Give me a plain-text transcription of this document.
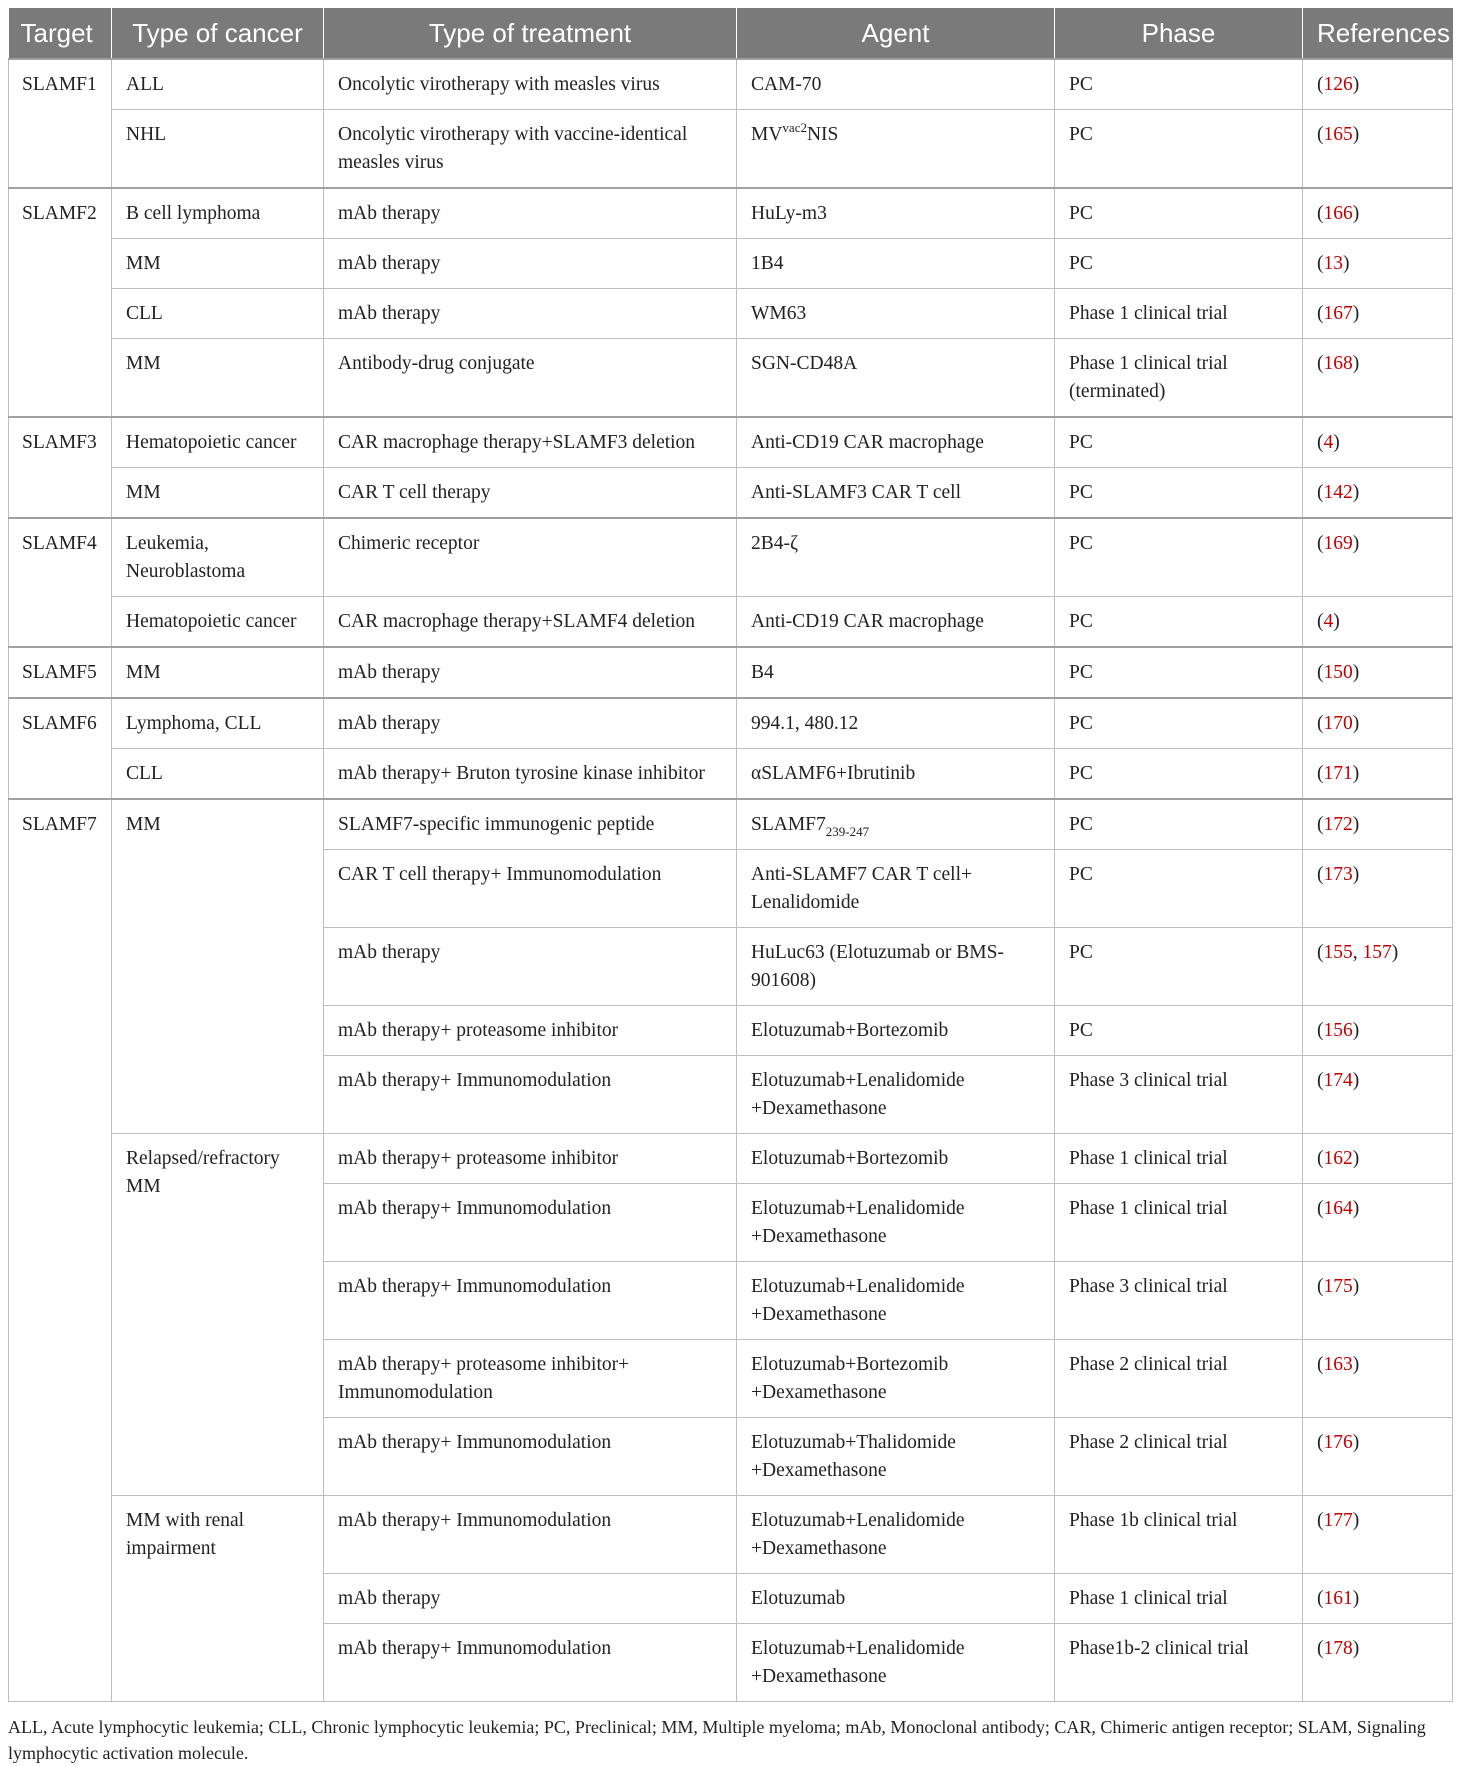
Target	Type of cancer	Type of treatment	Agent	Phase	References
SLAMF1	ALL	Oncolytic virotherapy with measles virus	CAM-70	PC	(126)
	NHL	Oncolytic virotherapy with vaccine-identical measles virus	$MV^{vac2}NIS$	PC	(165)
SLAMF2	B cell lymphoma	mAb therapy	HuLy-m3	PC	(166)
	MM	mAb therapy	1B4	PC	(13)
	CLL	mAb therapy	WM63	Phase 1 clinical trial	(167)
	MM	Antibody-drug conjugate	SGN-CD48A	Phase 1 clinical trial (terminated)	(168)
SLAMF3	Hematopoietic cancer	CAR macrophage therapy+SLAMF3 deletion	Anti-CD19 CAR macrophage	PC	(4)
	MM	CAR T cell therapy	Anti-SLAMF3 CAR T cell	PC	(142)
SLAMF4	Leukemia, Neuroblastoma	Chimeric receptor	2B4-ζ	PC	(169)
	Hematopoietic cancer	CAR macrophage therapy+SLAMF4 deletion	Anti-CD19 CAR macrophage	PC	(4)
SLAMF5	MM	mAb therapy	B4	PC	(150)
SLAMF6	Lymphoma, CLL	mAb therapy	994.1, 480.12	PC	(170)
	CLL	mAb therapy+ Bruton tyrosine kinase inhibitor	αSLAMF6+Ibrutinib	PC	(171)
SLAMF7	MM	SLAMF7-specific immunogenic peptide	$SLAMF7_{239-247}$	PC	(172)
		CAR T cell therapy+ Immunomodulation	Anti-SLAMF7 CAR T cell+ Lenalidomide	PC	(173)
		mAb therapy	HuLuc63 (Elotuzumab or BMS-901608)	PC	(155, 157)
		mAb therapy+ proteasome inhibitor	Elotuzumab+Bortezomib	PC	(156)
		mAb therapy+ Immunomodulation	Elotuzumab+Lenalidomide +Dexamethasone	Phase 3 clinical trial	(174)
	Relapsed/refractory MM	mAb therapy+ proteasome inhibitor	Elotuzumab+Bortezomib	Phase 1 clinical trial	(162)
		mAb therapy+ Immunomodulation	Elotuzumab+Lenalidomide +Dexamethasone	Phase 1 clinical trial	(164)
		mAb therapy+ Immunomodulation	Elotuzumab+Lenalidomide +Dexamethasone	Phase 3 clinical trial	(175)
		mAb therapy+ proteasome inhibitor+ Immunomodulation	Elotuzumab+Bortezomib +Dexamethasone	Phase 2 clinical trial	(163)
		mAb therapy+ Immunomodulation	Elotuzumab+Thalidomide +Dexamethasone	Phase 2 clinical trial	(176)
	MM with renal impairment	mAb therapy+ Immunomodulation	Elotuzumab+Lenalidomide +Dexamethasone	Phase 1b clinical trial	(177)
		mAb therapy	Elotuzumab	Phase 1 clinical trial	(161)
		mAb therapy+ Immunomodulation	Elotuzumab+Lenalidomide +Dexamethasone	Phase1b-2 clinical trial	(178)
ALL, Acute lymphocytic leukemia; CLL, Chronic lymphocytic leukemia; PC, Preclinical; MM, Multiple myeloma; mAb, Monoclonal antibody; CAR, Chimeric antigen receptor; SLAM, Signaling lymphocytic activation molecule.
